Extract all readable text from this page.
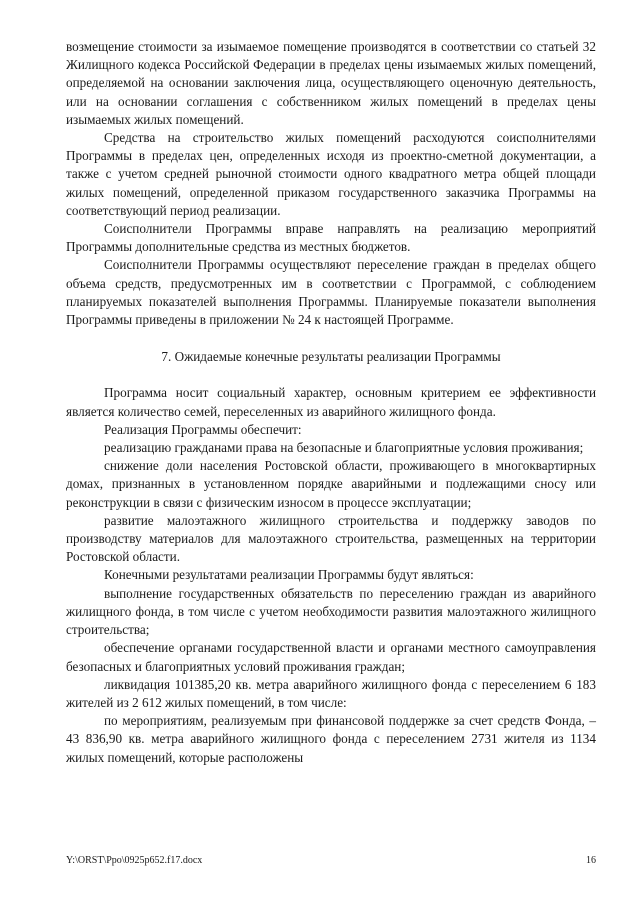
возмещение стоимости за изымаемое помещение производятся в соответствии со статьей 32 Жилищного кодекса Российской Федерации в пределах цены изымаемых жилых помещений, определяемой на основании заключения лица, осуществляющего оценочную деятельность, или на основании соглашения с собственником жилых помещений в пределах цены изымаемых жилых помещений.

Средства на строительство жилых помещений расходуются соисполнителями Программы в пределах цен, определенных исходя из проектно-сметной документации, а также с учетом средней рыночной стоимости одного квадратного метра общей площади жилых помещений, определенной приказом государственного заказчика Программы на соответствующий период реализации.

Соисполнители Программы вправе направлять на реализацию мероприятий Программы дополнительные средства из местных бюджетов.

Соисполнители Программы осуществляют переселение граждан в пределах общего объема средств, предусмотренных им в соответствии с Программой, с соблюдением планируемых показателей выполнения Программы. Планируемые показатели выполнения Программы приведены в приложении № 24 к настоящей Программе.

7. Ожидаемые конечные результаты реализации Программы

Программа носит социальный характер, основным критерием ее эффективности является количество семей, переселенных из аварийного жилищного фонда.

Реализация Программы обеспечит:

реализацию гражданами права на безопасные и благоприятные условия проживания;

снижение доли населения Ростовской области, проживающего в многоквартирных домах, признанных в установленном порядке аварийными и подлежащими сносу или реконструкции в связи с физическим износом в процессе эксплуатации;

развитие малоэтажного жилищного строительства и поддержку заводов по производству материалов для малоэтажного строительства, размещенных на территории Ростовской области.

Конечными результатами реализации Программы будут являться:

выполнение государственных обязательств по переселению граждан из аварийного жилищного фонда, в том числе с учетом необходимости развития малоэтажного жилищного строительства;

обеспечение органами государственной власти и органами местного самоуправления безопасных и благоприятных условий проживания граждан;

ликвидация 101385,20 кв. метра аварийного жилищного фонда с переселением 6 183 жителей из 2 612 жилых помещений, в том числе:

по мероприятиям, реализуемым при финансовой поддержке за счет средств Фонда, – 43 836,90 кв. метра аварийного жилищного фонда с переселением 2731 жителя из 1134 жилых помещений, которые расположены

Y:\ORST\Ppo\0925p652.f17.docx	16
